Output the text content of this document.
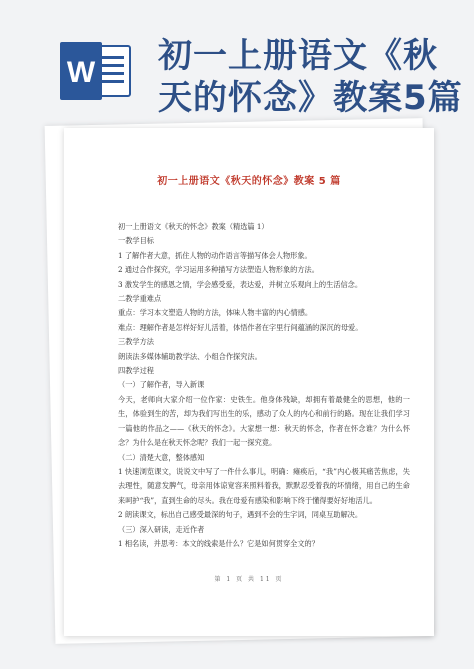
W 初一上册语文《秋
天的怀念》教案5篇
初一上册语文《秋天的怀念》教案 5 篇

初一上册语文《秋天的怀念》教案（精选篇 1）

一教学目标

1 了解作者大意，抓住人物的动作语言等描写体会人物形象。

2 通过合作探究，学习运用多种描写方法塑造人物形象的方法。

3 激发学生的感恩之情，学会感受爱，表达爱，并树立乐观向上的生活信念。

二教学重难点

重点：学习本文塑造人物的方法，体味人物丰富的内心情感。

难点：理解作者是怎样好好儿活着，体悟作者在字里行间蕴涵的深沉的母爱。

三教学方法

朗读法多媒体辅助教学法、小组合作探究法。

四教学过程

（一）了解作者，导入新课

今天，老师向大家介绍一位作家：史铁生。他身体残缺，却拥有着最健全的思想，他的一生，体验到生的苦，却为我们写出生的乐，感动了众人的内心和前行的路。现在让我们学习一篇他的作品之——《秋天的怀念》。大家想一想：秋天的怀念，作者在怀念谁？为什么怀念？为什么是在秋天怀念呢？我们一起一探究竟。

（二）清楚大意，整体感知

1 快速浏览课文，说说文中写了一件什么事儿，明确：瘫痪后，“我”内心极其痛苦焦虑，失去理性，随意发脾气，母亲用体谅宽容来照料着我，默默忍受着我的坏情绪，用自己的生命来呵护“我”，直到生命的尽头。我在母爱有感染和影响下终于懂得要好好地活儿。

2 朗读课文，标出自己感受最深的句子，遇到不会的生字词，同桌互助解决。

（三）深入研读，走近作者

1 相名读，并思考：本文的线索是什么？它是如何贯穿全文的？

第 1 页 共 11 页
